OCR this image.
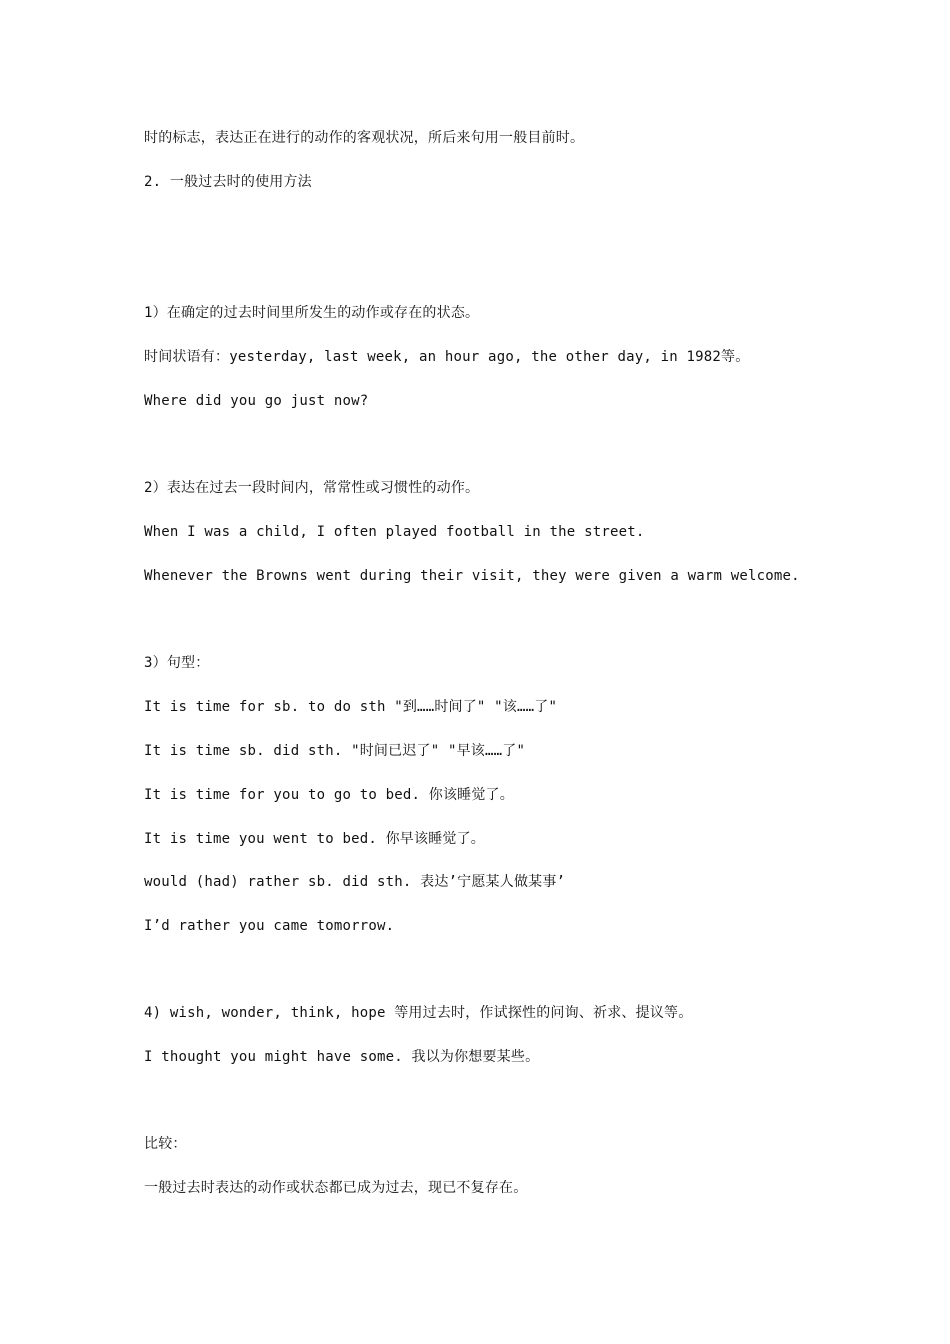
时的标志，表达正在进行的动作的客观状况，所后来句用一般目前时。
2. 一般过去时的使用方法
1）在确定的过去时间里所发生的动作或存在的状态。
时间状语有：yesterday, last week, an hour ago, the other day, in 1982等。
Where did you go just now?
2）表达在过去一段时间内，常常性或习惯性的动作。
When I was a child, I often played football in the street.
Whenever the Browns went during their visit, they were given a warm welcome.
3）句型：
It is time for sb. to do sth "到……时间了" "该……了"
It is time sb. did sth. "时间已迟了" "早该……了"
It is time for you to go to bed. 你该睡觉了。
It is time you went to bed. 你早该睡觉了。
would (had) rather sb. did sth. 表达’宁愿某人做某事’
I’d rather you came tomorrow.
4) wish, wonder, think, hope 等用过去时，作试探性的问询、祈求、提议等。
I thought you might have some. 我以为你想要某些。
比较：
一般过去时表达的动作或状态都已成为过去，现已不复存在。
